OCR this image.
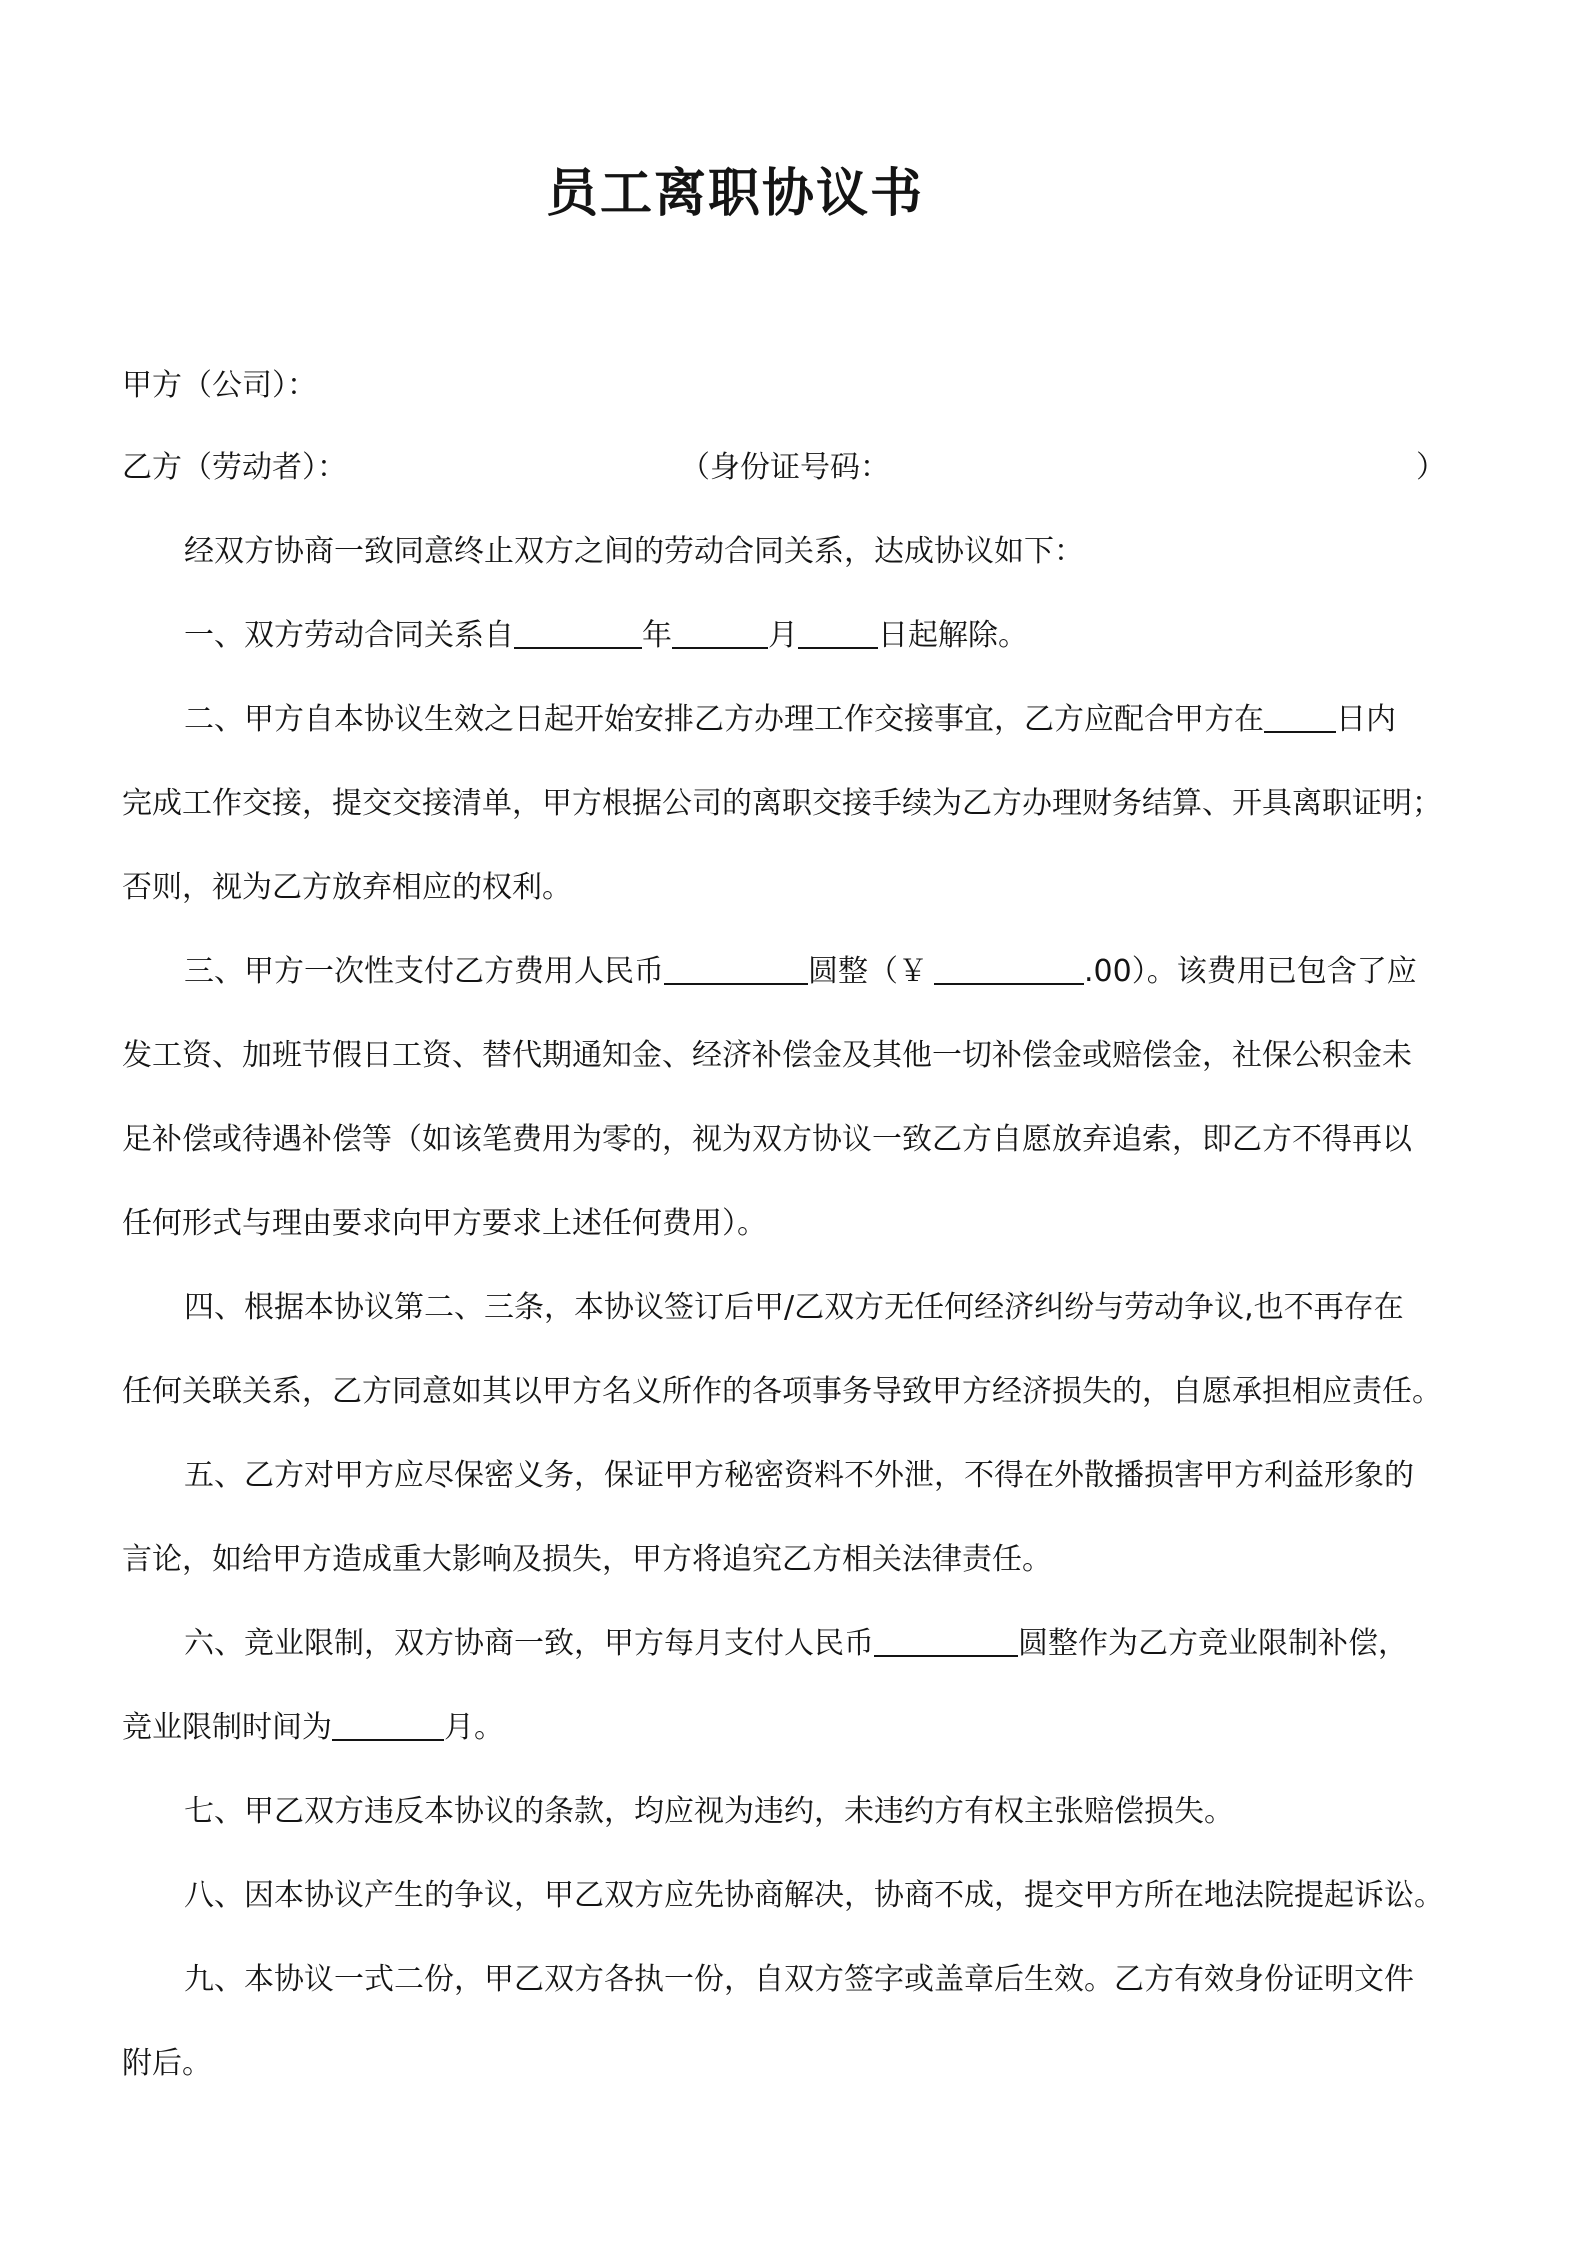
员工离职协议书
甲方（公司）：
乙方（劳动者）：	（身份证号码：	）
经双方协商一致同意终止双方之间的劳动合同关系，达成协议如下：
一、双方劳动合同关系自	年	月	日起解除。
二、甲方自本协议生效之日起开始安排乙方办理工作交接事宜，乙方应配合甲方在 日内
完成工作交接，提交交接清单，甲方根据公司的离职交接手续为乙方办理财务结算、开具离职证明；
否则，视为乙方放弃相应的权利。
三、甲方一次性支付乙方费用人民币	圆整（￥	.00）。该费用已包含了应
发工资、加班节假日工资、替代期通知金、经济补偿金及其他一切补偿金或赔偿金，社保公积金未
足补偿或待遇补偿等（如该笔费用为零的，视为双方协议一致乙方自愿放弃追索，即乙方不得再以
任何形式与理由要求向甲方要求上述任何费用）。
四、根据本协议第二、三条，本协议签订后甲/乙双方无任何经济纠纷与劳动争议,也不再存在
任何关联关系，乙方同意如其以甲方名义所作的各项事务导致甲方经济损失的，自愿承担相应责任。
五、乙方对甲方应尽保密义务，保证甲方秘密资料不外泄，不得在外散播损害甲方利益形象的
言论，如给甲方造成重大影响及损失，甲方将追究乙方相关法律责任。
六、竞业限制，双方协商一致，甲方每月支付人民币	圆整作为乙方竞业限制补偿，
竞业限制时间为	月。
七、甲乙双方违反本协议的条款，均应视为违约，未违约方有权主张赔偿损失。
八、因本协议产生的争议，甲乙双方应先协商解决，协商不成，提交甲方所在地法院提起诉讼。
九、本协议一式二份，甲乙双方各执一份，自双方签字或盖章后生效。乙方有效身份证明文件
附后。
